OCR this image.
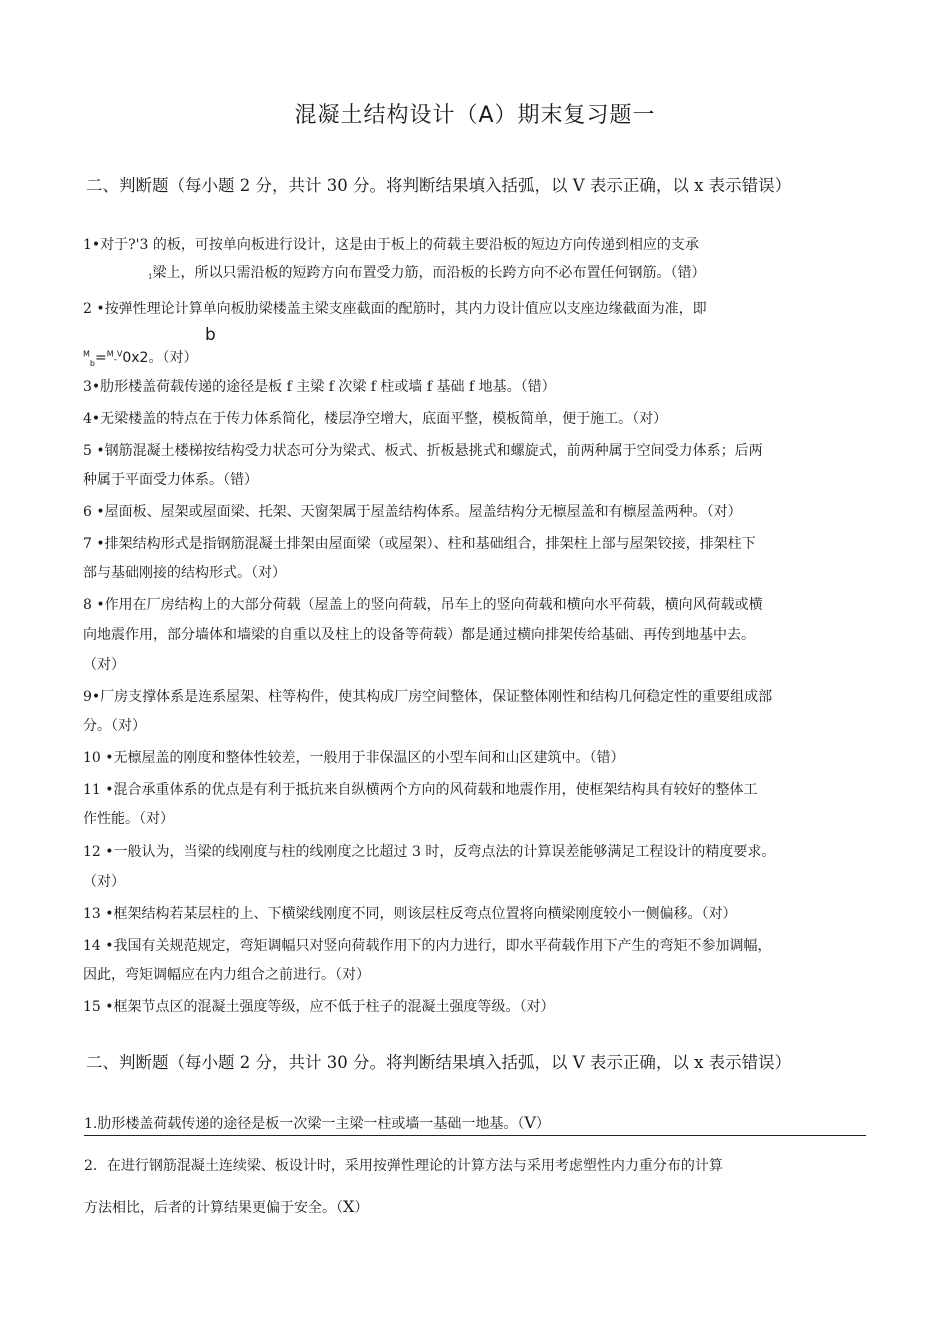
混凝土结构设计（A）期末复习题一
二、判断题（每小题 2 分，共计 30 分。将判断结果填入括弧，以 V 表示正确，以 x 表示错误）
1•对于?'3 的板，可按单向板进行设计，这是由于板上的荷载主要沿板的短边方向传递到相应的支承
1梁上，所以只需沿板的短跨方向布置受力筋，而沿板的长跨方向不必布置任何钢筋。（错）
2 •按弹性理论计算单向板肋梁楼盖主梁支座截面的配筋时，其内力设计值应以支座边缘截面为准，即
b
$^M_b$=$^M$-$^V$0x2。（对）
3•肋形楼盖荷载传递的途径是板 f 主梁 f 次梁 f 柱或墙 f 基础 f 地基。（错）
4•无梁楼盖的特点在于传力体系简化，楼层净空增大，底面平整，模板简单，便于施工。（对）
5 •钢筋混凝土楼梯按结构受力状态可分为梁式、板式、折板悬挑式和螺旋式，前两种属于空间受力体系；后两
种属于平面受力体系。（错）
6 •屋面板、屋架或屋面梁、托架、天窗架属于屋盖结构体系。屋盖结构分无檩屋盖和有檩屋盖两种。（对）
7 •排架结构形式是指钢筋混凝土排架由屋面梁（或屋架）、柱和基础组合，排架柱上部与屋架铰接，排架柱下
部与基础刚接的结构形式。（对）
8 •作用在厂房结构上的大部分荷载（屋盖上的竖向荷载，吊车上的竖向荷载和横向水平荷载，横向风荷载或横
向地震作用，部分墙体和墙梁的自重以及柱上的设备等荷载）都是通过横向排架传给基础、再传到地基中去。
（对）
9•厂房支撑体系是连系屋架、柱等构件，使其构成厂房空间整体，保证整体刚性和结构几何稳定性的重要组成部
分。（对）
10 •无檩屋盖的刚度和整体性较差，一般用于非保温区的小型车间和山区建筑中。（错）
11 •混合承重体系的优点是有利于抵抗来自纵横两个方向的风荷载和地震作用，使框架结构具有较好的整体工
作性能。（对）
12 •一般认为，当梁的线刚度与柱的线刚度之比超过 3 时，反弯点法的计算误差能够满足工程设计的精度要求。
（对）
13 •框架结构若某层柱的上、下横梁线刚度不同，则该层柱反弯点位置将向横梁刚度较小一侧偏移。（对）
14 •我国有关规范规定，弯矩调幅只对竖向荷载作用下的内力进行，即水平荷载作用下产生的弯矩不参加调幅，
因此，弯矩调幅应在内力组合之前进行。（对）
15 •框架节点区的混凝土强度等级，应不低于柱子的混凝土强度等级。（对）
二、判断题（每小题 2 分，共计 30 分。将判断结果填入括弧，以 V 表示正确，以 x 表示错误）
1.肋形楼盖荷载传递的途径是板一次梁一主梁一柱或墙一基础一地基。（V）
2．在进行钢筋混凝土连续梁、板设计时，采用按弹性理论的计算方法与采用考虑塑性内力重分布的计算
方法相比，后者的计算结果更偏于安全。（X）
